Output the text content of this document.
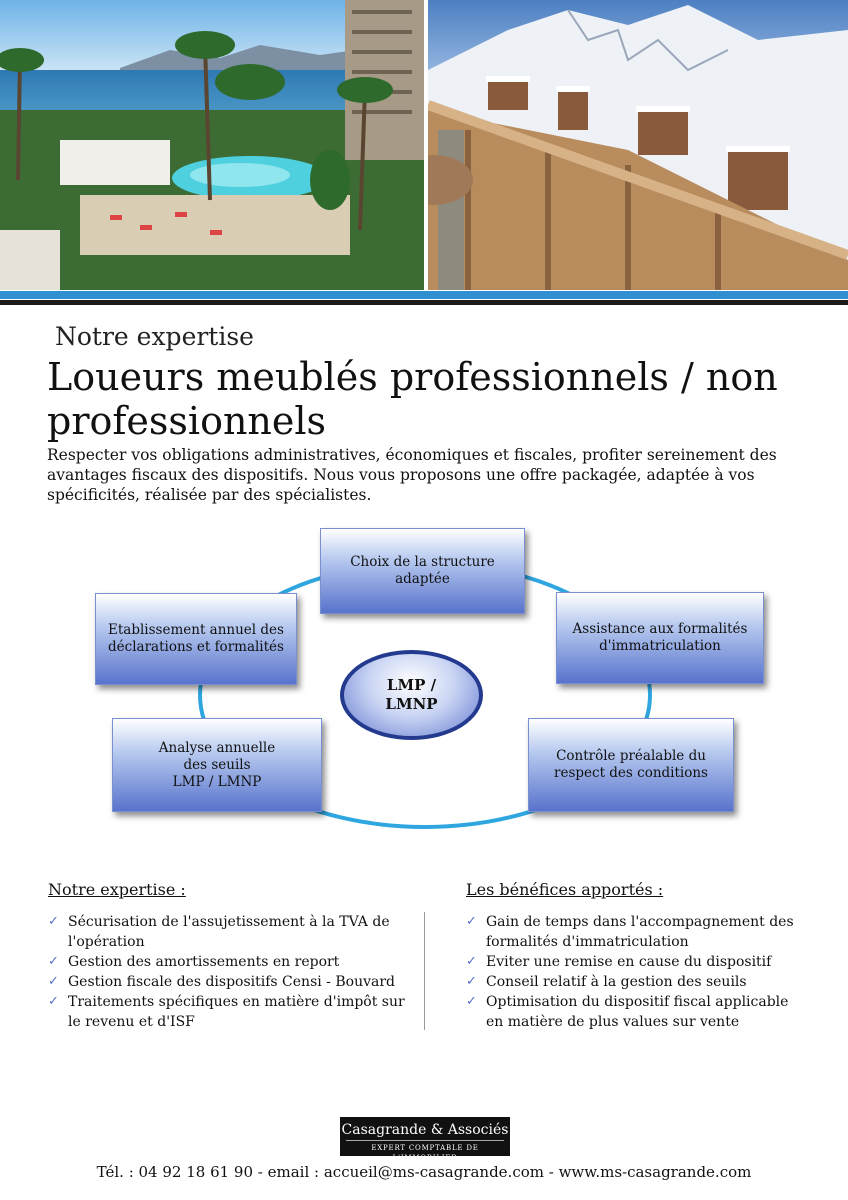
Notre expertise
Loueurs meublés professionnels / non professionnels
Respecter vos obligations administratives, économiques et fiscales, profiter sereinement des avantages fiscaux des dispositifs. Nous vous proposons une offre packagée, adaptée à vos spécificités, réalisée par des spécialistes.
Choix de la structure
adaptée
Assistance aux formalités
d'immatriculation
Contrôle préalable du
respect des conditions
Analyse annuelle
des seuils
LMP / LMNP
Etablissement annuel des
déclarations et formalités
LMP /
LMNP
Notre expertise :
✓ Sécurisation de l'assujetissement à la TVA de l'opération
✓ Gestion des amortissements en report
✓ Gestion fiscale des dispositifs Censi - Bouvard
✓ Traitements spécifiques en matière d'impôt sur le revenu et d'ISF
Les bénéfices apportés :
✓ Gain de temps dans l'accompagnement des formalités d'immatriculation
✓ Eviter une remise en cause du dispositif
✓ Conseil relatif à la gestion des seuils
✓ Optimisation du dispositif fiscal applicable en matière de plus values sur vente
Casagrande & Associés
EXPERT COMPTABLE DE L'IMMOBILIER
Tél. : 04 92 18 61 90 - email : accueil@ms-casagrande.com - www.ms-casagrande.com
